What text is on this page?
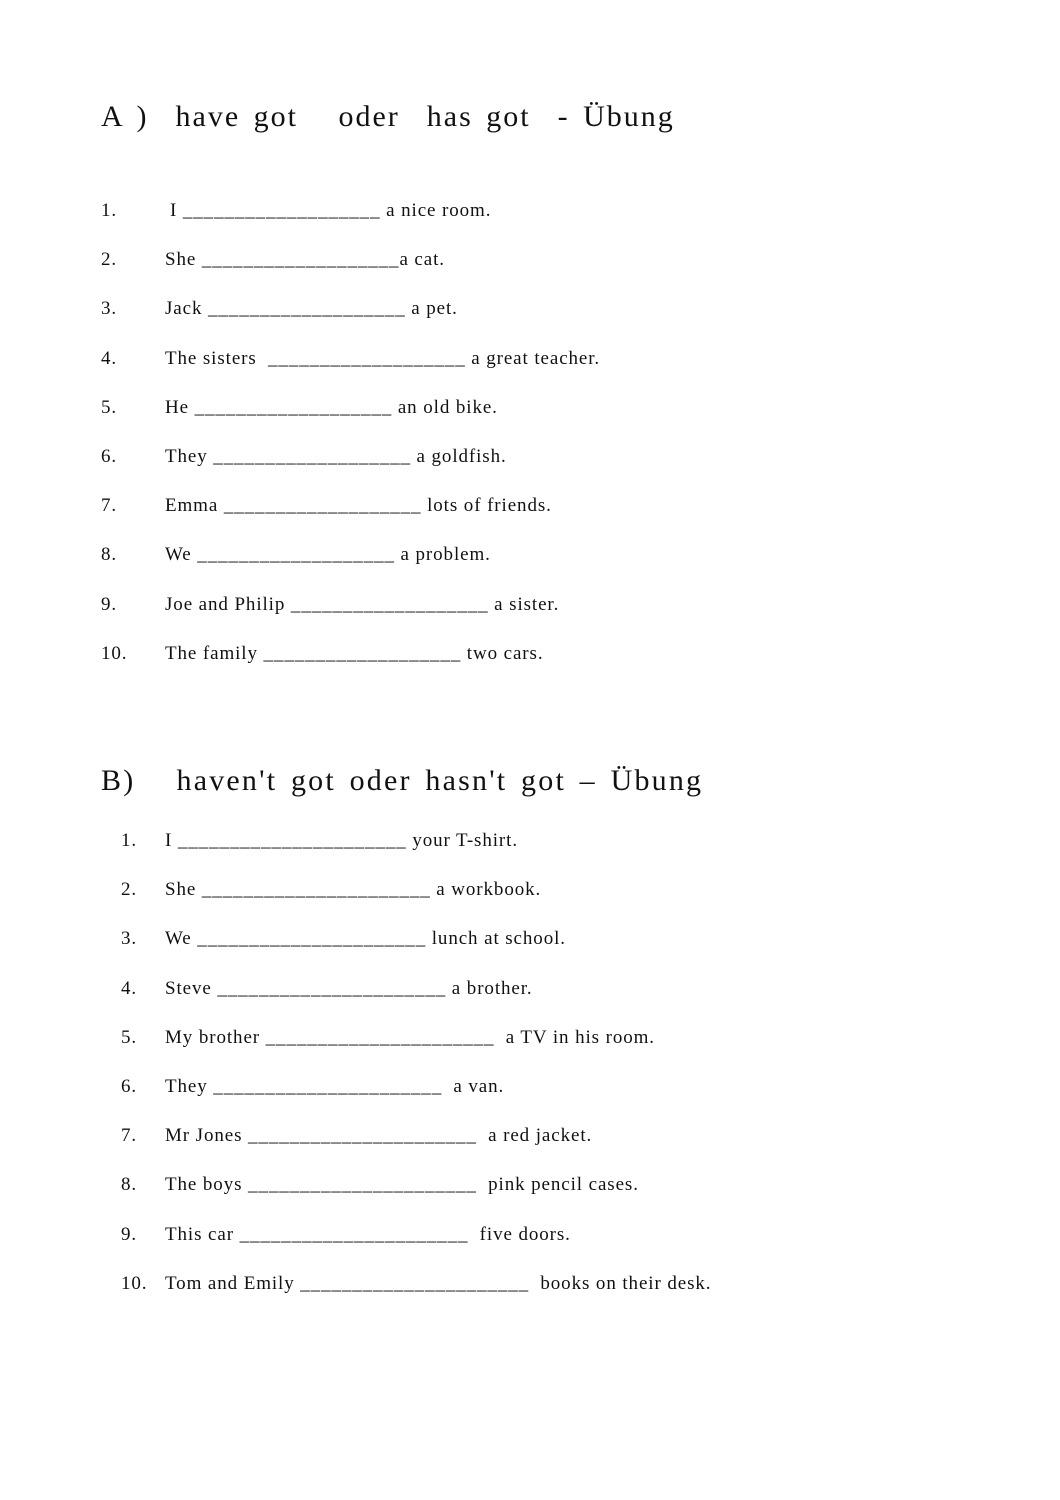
A )  have got   oder  has got  - Übung
1.	I ___________________ a nice room.
2.	She ___________________a cat.
3.	Jack ___________________ a pet.
4.	The sisters  ___________________ a great teacher.
5.	He ___________________ an old bike.
6.	They ___________________ a goldfish.
7.	Emma ___________________ lots of friends.
8.	We ___________________ a problem.
9.	Joe and Philip ___________________ a sister.
10. The family ___________________ two cars.
B)   haven't got oder hasn't got – Übung
1. I ______________________ your T-shirt.
2. She ______________________ a workbook.
3. We ______________________ lunch at school.
4. Steve ______________________ a brother.
5. My brother ______________________  a TV in his room.
6. They ______________________  a van.
7. Mr Jones ______________________  a red jacket.
8. The boys ______________________  pink pencil cases.
9. This car ______________________  five doors.
10. Tom and Emily ______________________  books on their desk.
